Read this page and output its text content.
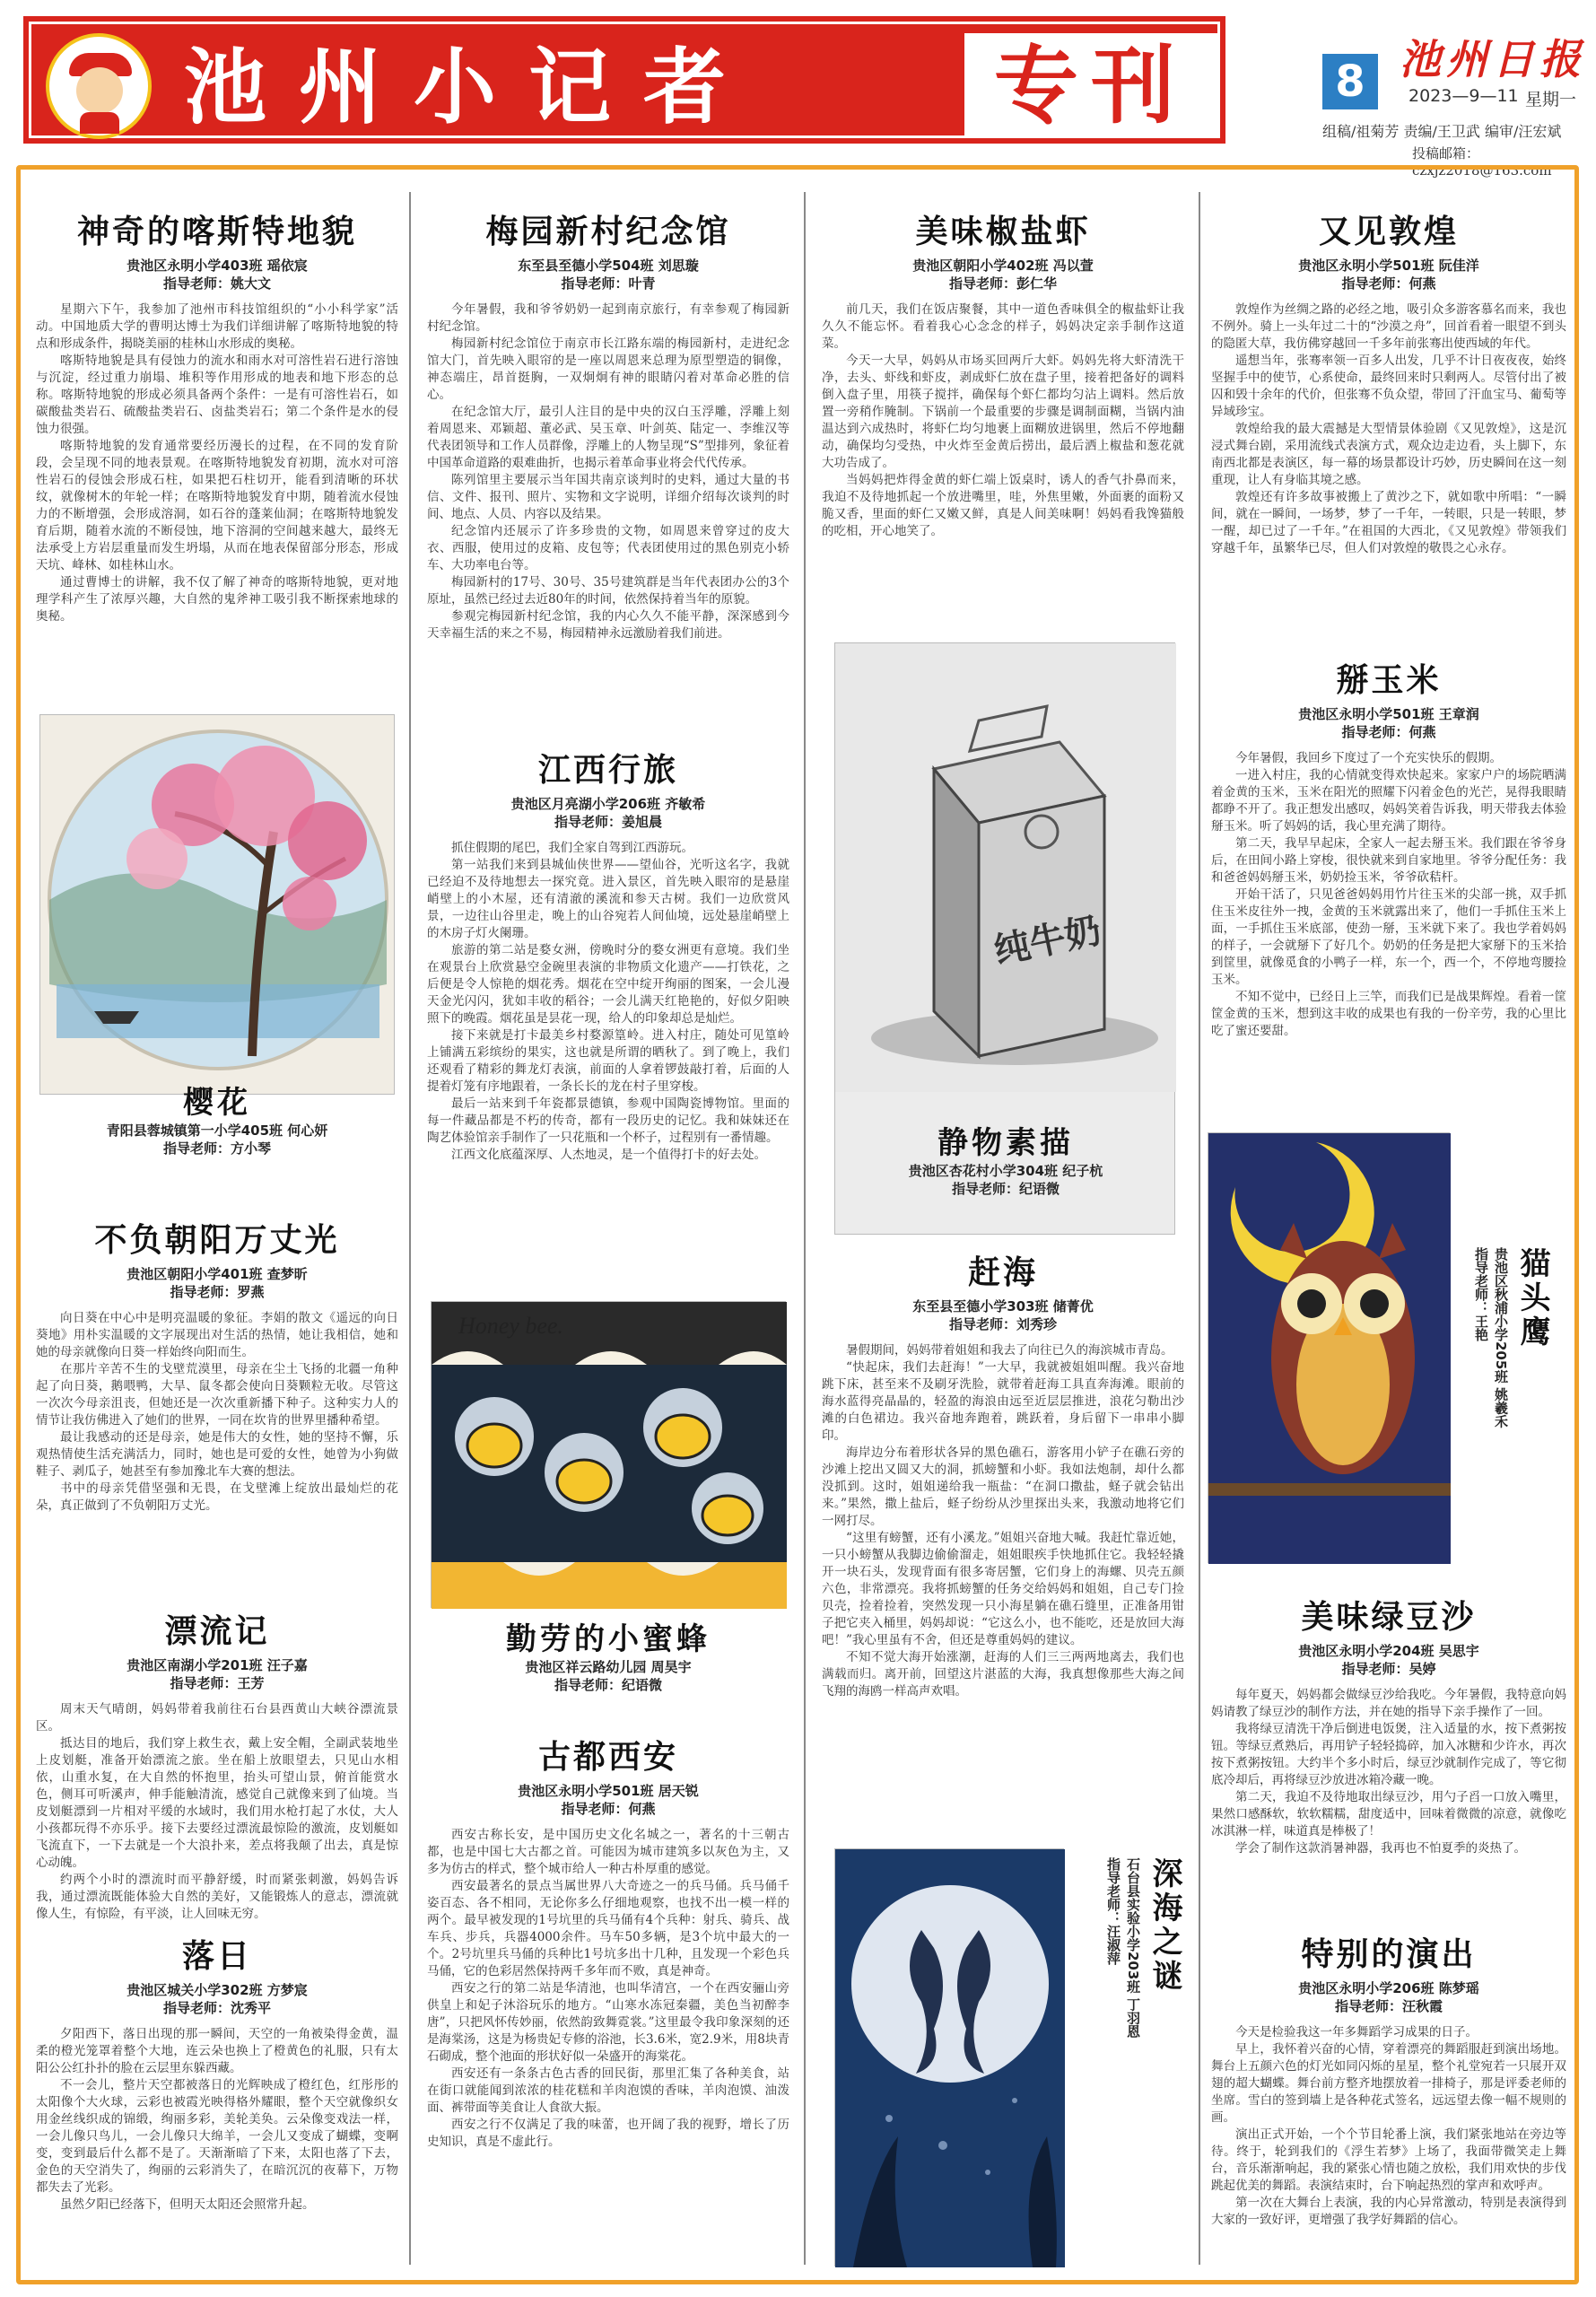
池州小记者	专刊	8 池州日报
2023—9—11 星期一
组稿/祖菊芳 责编/王卫武 编审/汪宏斌
投稿邮箱：czxjz2018@163.com
神奇的喀斯特地貌
贵池区永明小学403班 瑶依宸
指导老师：姚大文

星期六下午，我参加了池州市科技馆组织的“小小科学家”活动。中国地质大学的曹明达博士为我们详细讲解了喀斯特地貌的特点和形成条件，揭晓美丽的桂林山水形成的奥秘。

喀斯特地貌是具有侵蚀力的流水和雨水对可溶性岩石进行溶蚀与沉淀，经过重力崩塌、堆积等作用形成的地表和地下形态的总称。喀斯特地貌的形成必须具备两个条件：一是有可溶性岩石，如碳酸盐类岩石、硫酸盐类岩石、卤盐类岩石；第二个条件是水的侵蚀力很强。

喀斯特地貌的发育通常要经历漫长的过程，在不同的发育阶段，会呈现不同的地表景观。在喀斯特地貌发育初期，流水对可溶性岩石的侵蚀会形成石柱，如果把石柱切开，能看到清晰的环状纹，就像树木的年轮一样；在喀斯特地貌发育中期，随着流水侵蚀力的不断增强，会形成溶洞，如石谷的蓬莱仙洞；在喀斯特地貌发育后期，随着水流的不断侵蚀，地下溶洞的空间越来越大，最终无法承受上方岩层重量而发生坍塌，从而在地表保留部分形态，形成天坑、峰林、如桂林山水。

通过曹博士的讲解，我不仅了解了神奇的喀斯特地貌，更对地理学科产生了浓厚兴趣，大自然的鬼斧神工吸引我不断探索地球的奥秘。

樱花
青阳县蓉城镇第一小学405班 何心妍
指导老师：方小琴
不负朝阳万丈光
贵池区朝阳小学401班 查梦昕
指导老师：罗燕

向日葵在中心中是明亮温暖的象征。李娟的散文《遥远的向日葵地》用朴实温暖的文字展现出对生活的热情，她让我相信，她和她的母亲就像向日葵一样始终向阳而生。

在那片辛苦不生的戈壁荒漠里，母亲在尘土飞扬的北疆一角种起了向日葵，鹅喂鸭，大旱、鼠冬都会使向日葵颗粒无收。尽管这一次次今母亲沮丧，但她还是一次次重新播下种子。这种实力人的情节让我仿佛进入了她们的世界，一同在坎肯的世界里播种希望。

最让我感动的还是母亲，她是伟大的女性，她的坚持不懈，乐观热情使生活充满活力，同时，她也是可爱的女性，她曾为小狗做鞋子、剥瓜子，她甚至有参加豫北车大赛的想法。

书中的母亲凭借坚强和无畏，在戈壁滩上绽放出最灿烂的花朵，真正做到了不负朝阳万丈光。

漂流记
贵池区南湖小学201班 汪子嘉
指导老师：王芳

周末天气晴朗，妈妈带着我前往石台县西黄山大峡谷漂流景区。

抵达目的地后，我们穿上救生衣，戴上安全帽，全副武装地坐上皮划艇，准备开始漂流之旅。坐在船上放眼望去，只见山水相依，山重水复，在大自然的怀抱里，抬头可望山景，俯首能赏水色，侧耳可听溪声，伸手能触清流，感觉自己就像来到了仙境。当皮划艇漂到一片相对平缓的水域时，我们用水枪打起了水仗，大人小孩都玩得不亦乐乎。接下去要经过漂流最惊险的激流，皮划艇如飞流直下，一下去就是一个大浪扑来，差点将我颠了出去，真是惊心动魄。

约两个小时的漂流时而平静舒缓，时而紧张刺激，妈妈告诉我，通过漂流既能体验大自然的美好，又能锻炼人的意志，漂流就像人生，有惊险，有平淡，让人回味无穷。

落日
贵池区城关小学302班 方梦宸
指导老师：沈秀平

夕阳西下，落日出现的那一瞬间，天空的一角被染得金黄，温柔的橙光笼罩着整个大地，连云朵也换上了橙黄色的礼服，只有太阳公公红扑扑的脸在云层里东躲西藏。

不一会儿，整片天空都被落日的光辉映成了橙红色，红彤彤的太阳像个大火球，云彩也被霞光映得格外耀眼，整个天空就像织女用金丝线织成的锦缎，绚丽多彩，美轮美奂。云朵像变戏法一样，一会儿像只鸟儿，一会儿像只大绵羊，一会儿又变成了蝴蝶，变啊变，变到最后什么都不是了。天渐渐暗了下来，太阳也落了下去，金色的天空消失了，绚丽的云彩消失了，在暗沉沉的夜幕下，万物都失去了光彩。

虽然夕阳已经落下，但明天太阳还会照常升起。

梅园新村纪念馆
东至县至德小学504班 刘思璇
指导老师：叶青

今年暑假，我和爷爷奶奶一起到南京旅行，有幸参观了梅园新村纪念馆。

梅园新村纪念馆位于南京市长江路东端的梅园新村，走进纪念馆大门，首先映入眼帘的是一座以周恩来总理为原型塑造的铜像，神态端庄，昂首挺胸，一双炯炯有神的眼睛闪着对革命必胜的信心。

在纪念馆大厅，最引人注目的是中央的汉白玉浮雕，浮雕上刻着周恩来、邓颖超、董必武、吴玉章、叶剑英、陆定一、李维汉等代表团领导和工作人员群像，浮雕上的人物呈现“S”型排列，象征着中国革命道路的艰难曲折，也揭示着革命事业将会代代传承。

陈列馆里主要展示当年国共南京谈判时的史料，通过大量的书信、文件、报刊、照片、实物和文字说明，详细介绍每次谈判的时间、地点、人员、内容以及结果。

纪念馆内还展示了许多珍贵的文物，如周恩来曾穿过的皮大衣、西服，使用过的皮箱、皮包等；代表团使用过的黑色别克小轿车、大功率电台等。

梅园新村的17号、30号、35号建筑群是当年代表团办公的3个原址，虽然已经过去近80年的时间，依然保持着当年的原貌。

参观完梅园新村纪念馆，我的内心久久不能平静，深深感到今天幸福生活的来之不易，梅园精神永远激励着我们前进。

江西行旅
贵池区月亮湖小学206班 齐敏希
指导老师：姜旭晨

抓住假期的尾巴，我们全家自驾到江西游玩。

第一站我们来到县城仙侠世界——望仙谷，光听这名字，我就已经迫不及待地想去一探究竟。进入景区，首先映入眼帘的是悬崖峭壁上的小木屋，还有清澈的溪流和参天古树。我们一边欣赏风景，一边往山谷里走，晚上的山谷宛若人间仙境，远处悬崖峭壁上的木房子灯火阑珊。

旅游的第二站是婺女洲，傍晚时分的婺女洲更有意境。我们坐在观景台上欣赏悬空金碗里表演的非物质文化遗产——打铁花，之后便是令人惊艳的烟花秀。烟花在空中绽开绚丽的图案，一会儿漫天金光闪闪，犹如丰收的稻谷；一会儿满天红艳艳的，好似夕阳映照下的晚霞。烟花虽是昙花一现，给人的印象却总是灿烂。

接下来就是打卡最美乡村婺源篁岭。进入村庄，随处可见篁岭上铺满五彩缤纷的果实，这也就是所谓的晒秋了。到了晚上，我们还观看了精彩的舞龙灯表演，前面的人拿着锣鼓敲打着，后面的人提着灯笼有序地跟着，一条长长的龙在村子里穿梭。

最后一站来到千年瓷都景德镇，参观中国陶瓷博物馆。里面的每一件藏品都是不朽的传奇，都有一段历史的记忆。我和妹妹还在陶艺体验馆亲手制作了一只花瓶和一个杯子，过程别有一番情趣。

江西文化底蕴深厚、人杰地灵，是一个值得打卡的好去处。

Honey bee.
勤劳的小蜜蜂
贵池区祥云路幼儿园 周昊宇
指导老师：纪语微
古都西安
贵池区永明小学501班 居天锐
指导老师：何燕

西安古称长安，是中国历史文化名城之一，著名的十三朝古都，也是中国七大古都之首。可能因为城市建筑多以灰色为主，又多为仿古的样式，整个城市给人一种古朴厚重的感觉。

西安最著名的景点当属世界八大奇迹之一的兵马俑。兵马俑千姿百态、各不相同，无论你多么仔细地观察，也找不出一模一样的两个。最早被发现的1号坑里的兵马俑有4个兵种：射兵、骑兵、战车兵、步兵，兵器4000余件。马车50多辆，是3个坑中最大的一个。2号坑里兵马俑的兵种比1号坑多出十几种，且发现一个彩色兵马俑，它的色彩居然保持两千多年而不败，真是神奇。

西安之行的第二站是华清池，也叫华清宫，一个在西安骊山旁供皇上和妃子沐浴玩乐的地方。“山寒水冻冠秦疆，美色当初醉李唐”，只把风怀传妙丽，依然韵致舞霓裳。”这里最令我印象深刻的还是海棠汤，这是为杨贵妃专修的浴池，长3.6米，宽2.9米，用8块青石砌成，整个池面的形状好似一朵盛开的海棠花。

西安还有一条条古色古香的回民街，那里汇集了各种美食，站在街口就能闻到浓浓的桂花糕和羊肉泡馍的香味，羊肉泡馍、油泼面、裤带面等美食让人食欲大振。

西安之行不仅满足了我的味蕾，也开阔了我的视野，增长了历史知识，真是不虚此行。

美味椒盐虾
贵池区朝阳小学402班 冯以萱
指导老师：彭仁华

前几天，我们在饭店聚餐，其中一道色香味俱全的椒盐虾让我久久不能忘怀。看着我心心念念的样子，妈妈决定亲手制作这道菜。

今天一大早，妈妈从市场买回两斤大虾。妈妈先将大虾清洗干净，去头、虾线和虾皮，剥成虾仁放在盘子里，接着把备好的调料倒入盘子里，用筷子搅拌，确保每个虾仁都均匀沾上调料。然后放置一旁稍作腌制。下锅前一个最重要的步骤是调制面糊，当锅内油温达到六成热时，将虾仁均匀地裹上面糊放进锅里，然后不停地翻动，确保均匀受热，中火炸至金黄后捞出，最后洒上椒盐和葱花就大功告成了。

当妈妈把炸得金黄的虾仁端上饭桌时，诱人的香气扑鼻而来，我迫不及待地抓起一个放进嘴里，哇，外焦里嫩，外面裹的面粉又脆又香，里面的虾仁又嫩又鲜，真是人间美味啊！妈妈看我馋猫般的吃相，开心地笑了。

纯牛奶
静物素描
贵池区杏花村小学304班 纪子杭
指导老师：纪语微
赶海
东至县至德小学303班 储菁优
指导老师：刘秀珍

暑假期间，妈妈带着姐姐和我去了向往已久的海滨城市青岛。

“快起床，我们去赶海！”一大早，我就被姐姐叫醒。我兴奋地跳下床，甚至来不及刷牙洗脸，就带着赶海工具直奔海滩。眼前的海水蓝得亮晶晶的，轻盈的海浪由远至近层层推进，浪花匀勒出沙滩的白色裙边。我兴奋地奔跑着，跳跃着，身后留下一串串小脚印。

海岸边分布着形状各异的黑色礁石，游客用小铲子在礁石旁的沙滩上挖出又圆又大的洞，抓螃蟹和小虾。我如法炮制，却什么都没抓到。这时，姐姐递给我一瓶盐：“在洞口撒盐，蛏子就会钻出来。”果然，撒上盐后，蛏子纷纷从沙里探出头来，我激动地将它们一网打尽。

“这里有螃蟹，还有小溪龙。”姐姐兴奋地大喊。我赶忙靠近她，一只小螃蟹从我脚边偷偷溜走，姐姐眼疾手快地抓住它。我轻轻撬开一块石头，发现背面有很多寄居蟹，它们身上的海螺、贝壳五颜六色，非常漂亮。我将抓螃蟹的任务交给妈妈和姐姐，自己专门捡贝壳，捡着捡着，突然发现一只小海星躺在礁石缝里，正准备用钳子把它夹入桶里，妈妈却说：“它这么小，也不能吃，还是放回大海吧！”我心里虽有不舍，但还是尊重妈妈的建议。

不知不觉大海开始涨潮，赶海的人们三三两两地离去，我们也满载而归。离开前，回望这片湛蓝的大海，我真想像那些大海之间飞翔的海鸥一样高声欢唱。

深海之谜
石台县实验小学203班 丁羽恩
指导老师：汪淑萍
又见敦煌
贵池区永明小学501班 阮佳洋
指导老师：何燕

敦煌作为丝绸之路的必经之地，吸引众多游客慕名而来，我也不例外。骑上一头年过二十的“沙漠之舟”，回首看着一眼望不到头的隐匿大草，我仿佛穿越回一千多年前张骞出使西域的年代。

遥想当年，张骞率领一百多人出发，几乎不计日夜夜夜，始终坚握手中的使节，心系使命，最终回来时只剩两人。尽管付出了被囚和毁十余年的代价，但张骞不负众望，带回了汗血宝马、葡萄等异域珍宝。

敦煌给我的最大震撼是大型情景体验剧《又见敦煌》，这是沉浸式舞台剧，采用流线式表演方式，观众边走边看，头上脚下，东南西北都是表演区，每一幕的场景都设计巧妙，历史瞬间在这一刻重现，让人有身临其境之感。

敦煌还有许多故事被搬上了黄沙之下，就如歌中所唱：“一瞬间，就在一瞬间，一场梦，梦了一千年，一转眼，只是一转眼，梦一醒，却已过了一千年。”在祖国的大西北，《又见敦煌》带领我们穿越千年，虽繁华已尽，但人们对敦煌的敬畏之心永存。

掰玉米
贵池区永明小学501班 王章润
指导老师：何燕

今年暑假，我回乡下度过了一个充实快乐的假期。

一进入村庄，我的心情就变得欢快起来。家家户户的场院晒满着金黄的玉米，玉米在阳光的照耀下闪着金色的光芒，晃得我眼睛都睁不开了。我正想发出感叹，妈妈笑着告诉我，明天带我去体验掰玉米。听了妈妈的话，我心里充满了期待。

第二天，我早早起床，全家人一起去掰玉米。我们跟在爷爷身后，在田间小路上穿梭，很快就来到自家地里。爷爷分配任务：我和爸爸妈妈掰玉米，奶奶捡玉米，爷爷砍秸杆。

开始干活了，只见爸爸妈妈用竹片往玉米的尖部一挑，双手抓住玉米皮往外一拽，金黄的玉米就露出来了，他们一手抓住玉米上面，一手抓住玉米底部，使劲一掰，玉米就下来了。我也学着妈妈的样子，一会就掰下了好几个。奶奶的任务是把大家掰下的玉米拾到筐里，就像觅食的小鸭子一样，东一个，西一个，不停地弯腰捡玉米。

不知不觉中，已经日上三竿，而我们已是战果辉煌。看着一筐筐金黄的玉米，想到这丰收的成果也有我的一份辛劳，我的心里比吃了蜜还要甜。

猫头鹰
贵池区秋浦小学205班 姚羲禾
指导老师：王艳
美味绿豆沙
贵池区永明小学204班 吴思宇
指导老师：吴婷

每年夏天，妈妈都会做绿豆沙给我吃。今年暑假，我特意向妈妈请教了绿豆沙的制作方法，并在她的指导下亲手操作了一回。

我将绿豆清洗干净后倒进电饭煲，注入适量的水，按下煮粥按钮。等绿豆煮熟后，再用铲子轻轻捣碎，加入冰糖和少许水，再次按下煮粥按钮。大约半个多小时后，绿豆沙就制作完成了，等它彻底冷却后，再将绿豆沙放进冰箱冷藏一晚。

第二天，我迫不及待地取出绿豆沙，用勺子舀一口放入嘴里，果然口感酥软，软软糯糯，甜度适中，回味着微微的凉意，就像吃冰淇淋一样，味道真是棒极了！

学会了制作这款消暑神器，我再也不怕夏季的炎热了。

特别的演出
贵池区永明小学206班 陈梦瑶
指导老师：汪秋霞

今天是检验我这一年多舞蹈学习成果的日子。

早上，我怀着兴奋的心情，穿着漂亮的舞蹈服赶到演出场地。舞台上五颜六色的灯光如同闪烁的星星，整个礼堂宛若一只展开双翅的超大蝴蝶。舞台前方整齐地摆放着一排椅子，那是评委老师的坐席。雪白的签到墙上是各种花式签名，远远望去像一幅不规则的画。

演出正式开始，一个个节目轮番上演，我们紧张地站在旁边等待。终于，轮到我们的《浮生若梦》上场了，我面带微笑走上舞台，音乐渐渐响起，我的紧张心情也随之放松，我们用欢快的步伐跳起优美的舞蹈。表演结束时，台下响起热烈的掌声和欢呼声。

第一次在大舞台上表演，我的内心异常激动，特别是表演得到大家的一致好评，更增强了我学好舞蹈的信心。
